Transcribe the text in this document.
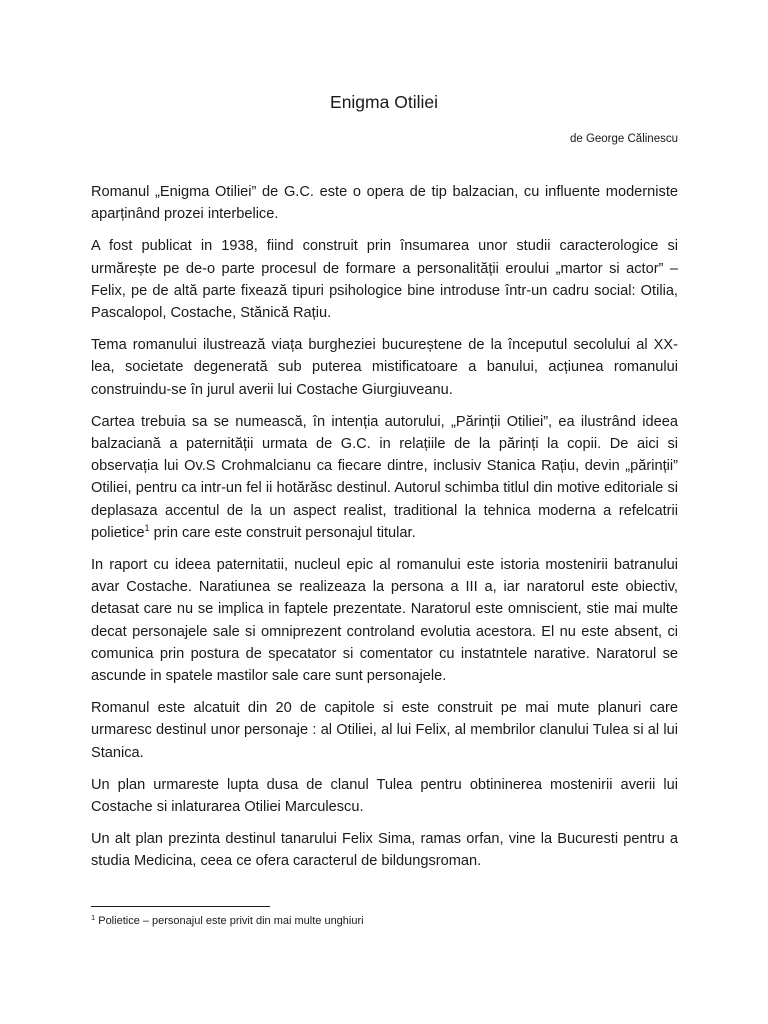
Enigma Otiliei

de George Călinescu

Romanul „Enigma Otiliei” de G.C. este o opera de tip balzacian, cu influente moderniste aparținând prozei interbelice.

A fost publicat in 1938, fiind construit prin însumarea unor studii caracterologice si urmărește pe de-o parte procesul de formare a personalității eroului „martor si actor” – Felix, pe de altă parte fixează tipuri psihologice bine introduse într-un cadru social: Otilia, Pascalopol, Costache, Stănică Rațiu.

Tema romanului ilustrează viața burgheziei bucureștene de la începutul secolului al XX-lea, societate degenerată sub puterea mistificatoare a banului, acțiunea romanului construindu-se în jurul averii lui Costache Giurgiuveanu.

Cartea trebuia sa se numească, în intenția autorului, „Părinții Otiliei”, ea ilustrând ideea balzaciană a paternității urmata de G.C. in relațiile de la părinți la copii. De aici si observația lui Ov.S Crohmalcianu ca fiecare dintre, inclusiv Stanica Rațiu, devin „părinții” Otiliei, pentru ca intr-un fel ii hotărăsc destinul. Autorul schimba titlul din motive editoriale si deplasaza accentul de la un aspect realist, traditional la tehnica moderna a refelcatrii polietice$^1$ prin care este construit personajul titular.

In raport cu ideea paternitatii, nucleul epic al romanului este istoria mostenirii batranului avar Costache. Naratiunea se realizeaza la persona a III a, iar naratorul este obiectiv, detasat care nu se implica in faptele prezentate. Naratorul este omniscient, stie mai multe decat personajele sale si omniprezent controland evolutia acestora. El nu este absent, ci comunica prin postura de specatator si comentator cu instatntele narative. Naratorul se ascunde in spatele mastilor sale care sunt personajele.

Romanul este alcatuit din 20 de capitole si este construit pe mai mute planuri care urmaresc destinul unor personaje : al Otiliei, al lui Felix, al membrilor clanului Tulea si al lui Stanica.

Un plan urmareste lupta dusa de clanul Tulea pentru obtininerea mostenirii averii lui Costache si inlaturarea Otiliei Marculescu.

Un alt plan prezinta destinul tanarului Felix Sima, ramas orfan, vine la Bucuresti pentru a studia Medicina, ceea ce ofera caracterul de bildungsroman.

$^1$ Polietice – personajul este privit din mai multe unghiuri
